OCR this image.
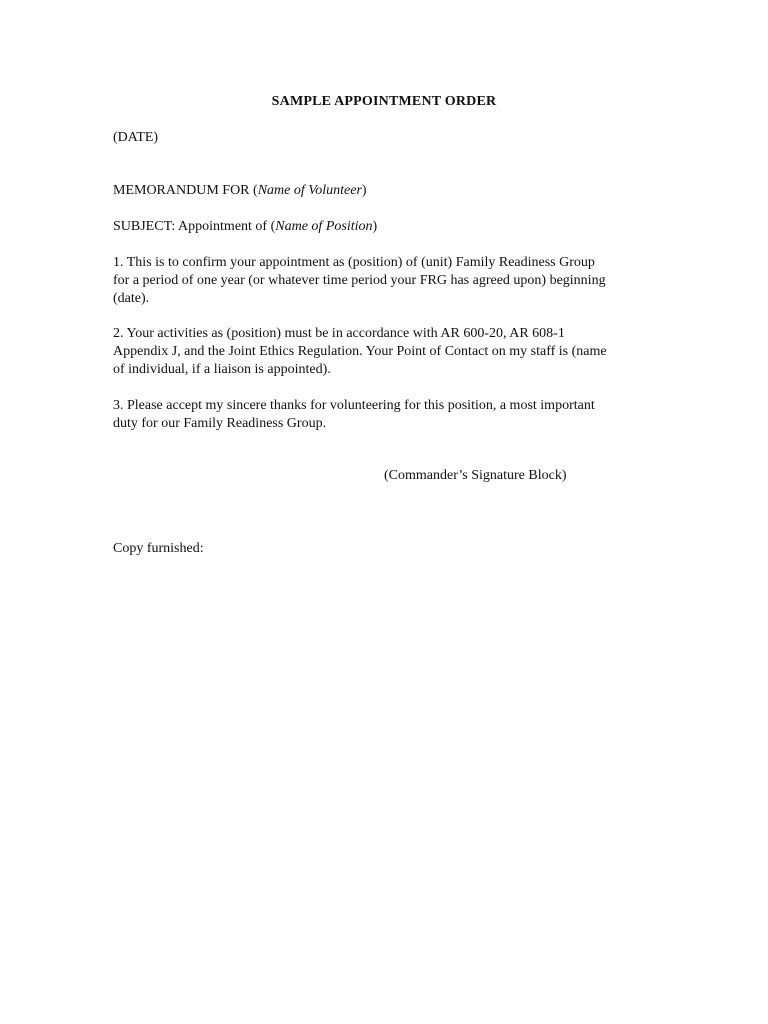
SAMPLE APPOINTMENT ORDER
(DATE)
MEMORANDUM FOR (Name of Volunteer)
SUBJECT: Appointment of (Name of Position)
1. This is to confirm your appointment as (position) of (unit) Family Readiness Group
for a period of one year (or whatever time period your FRG has agreed upon) beginning
(date).
2. Your activities as (position) must be in accordance with AR 600-20, AR 608-1
Appendix J, and the Joint Ethics Regulation. Your Point of Contact on my staff is (name
of individual, if a liaison is appointed).
3. Please accept my sincere thanks for volunteering for this position, a most important
duty for our Family Readiness Group.
(Commander’s Signature Block)
Copy furnished:
